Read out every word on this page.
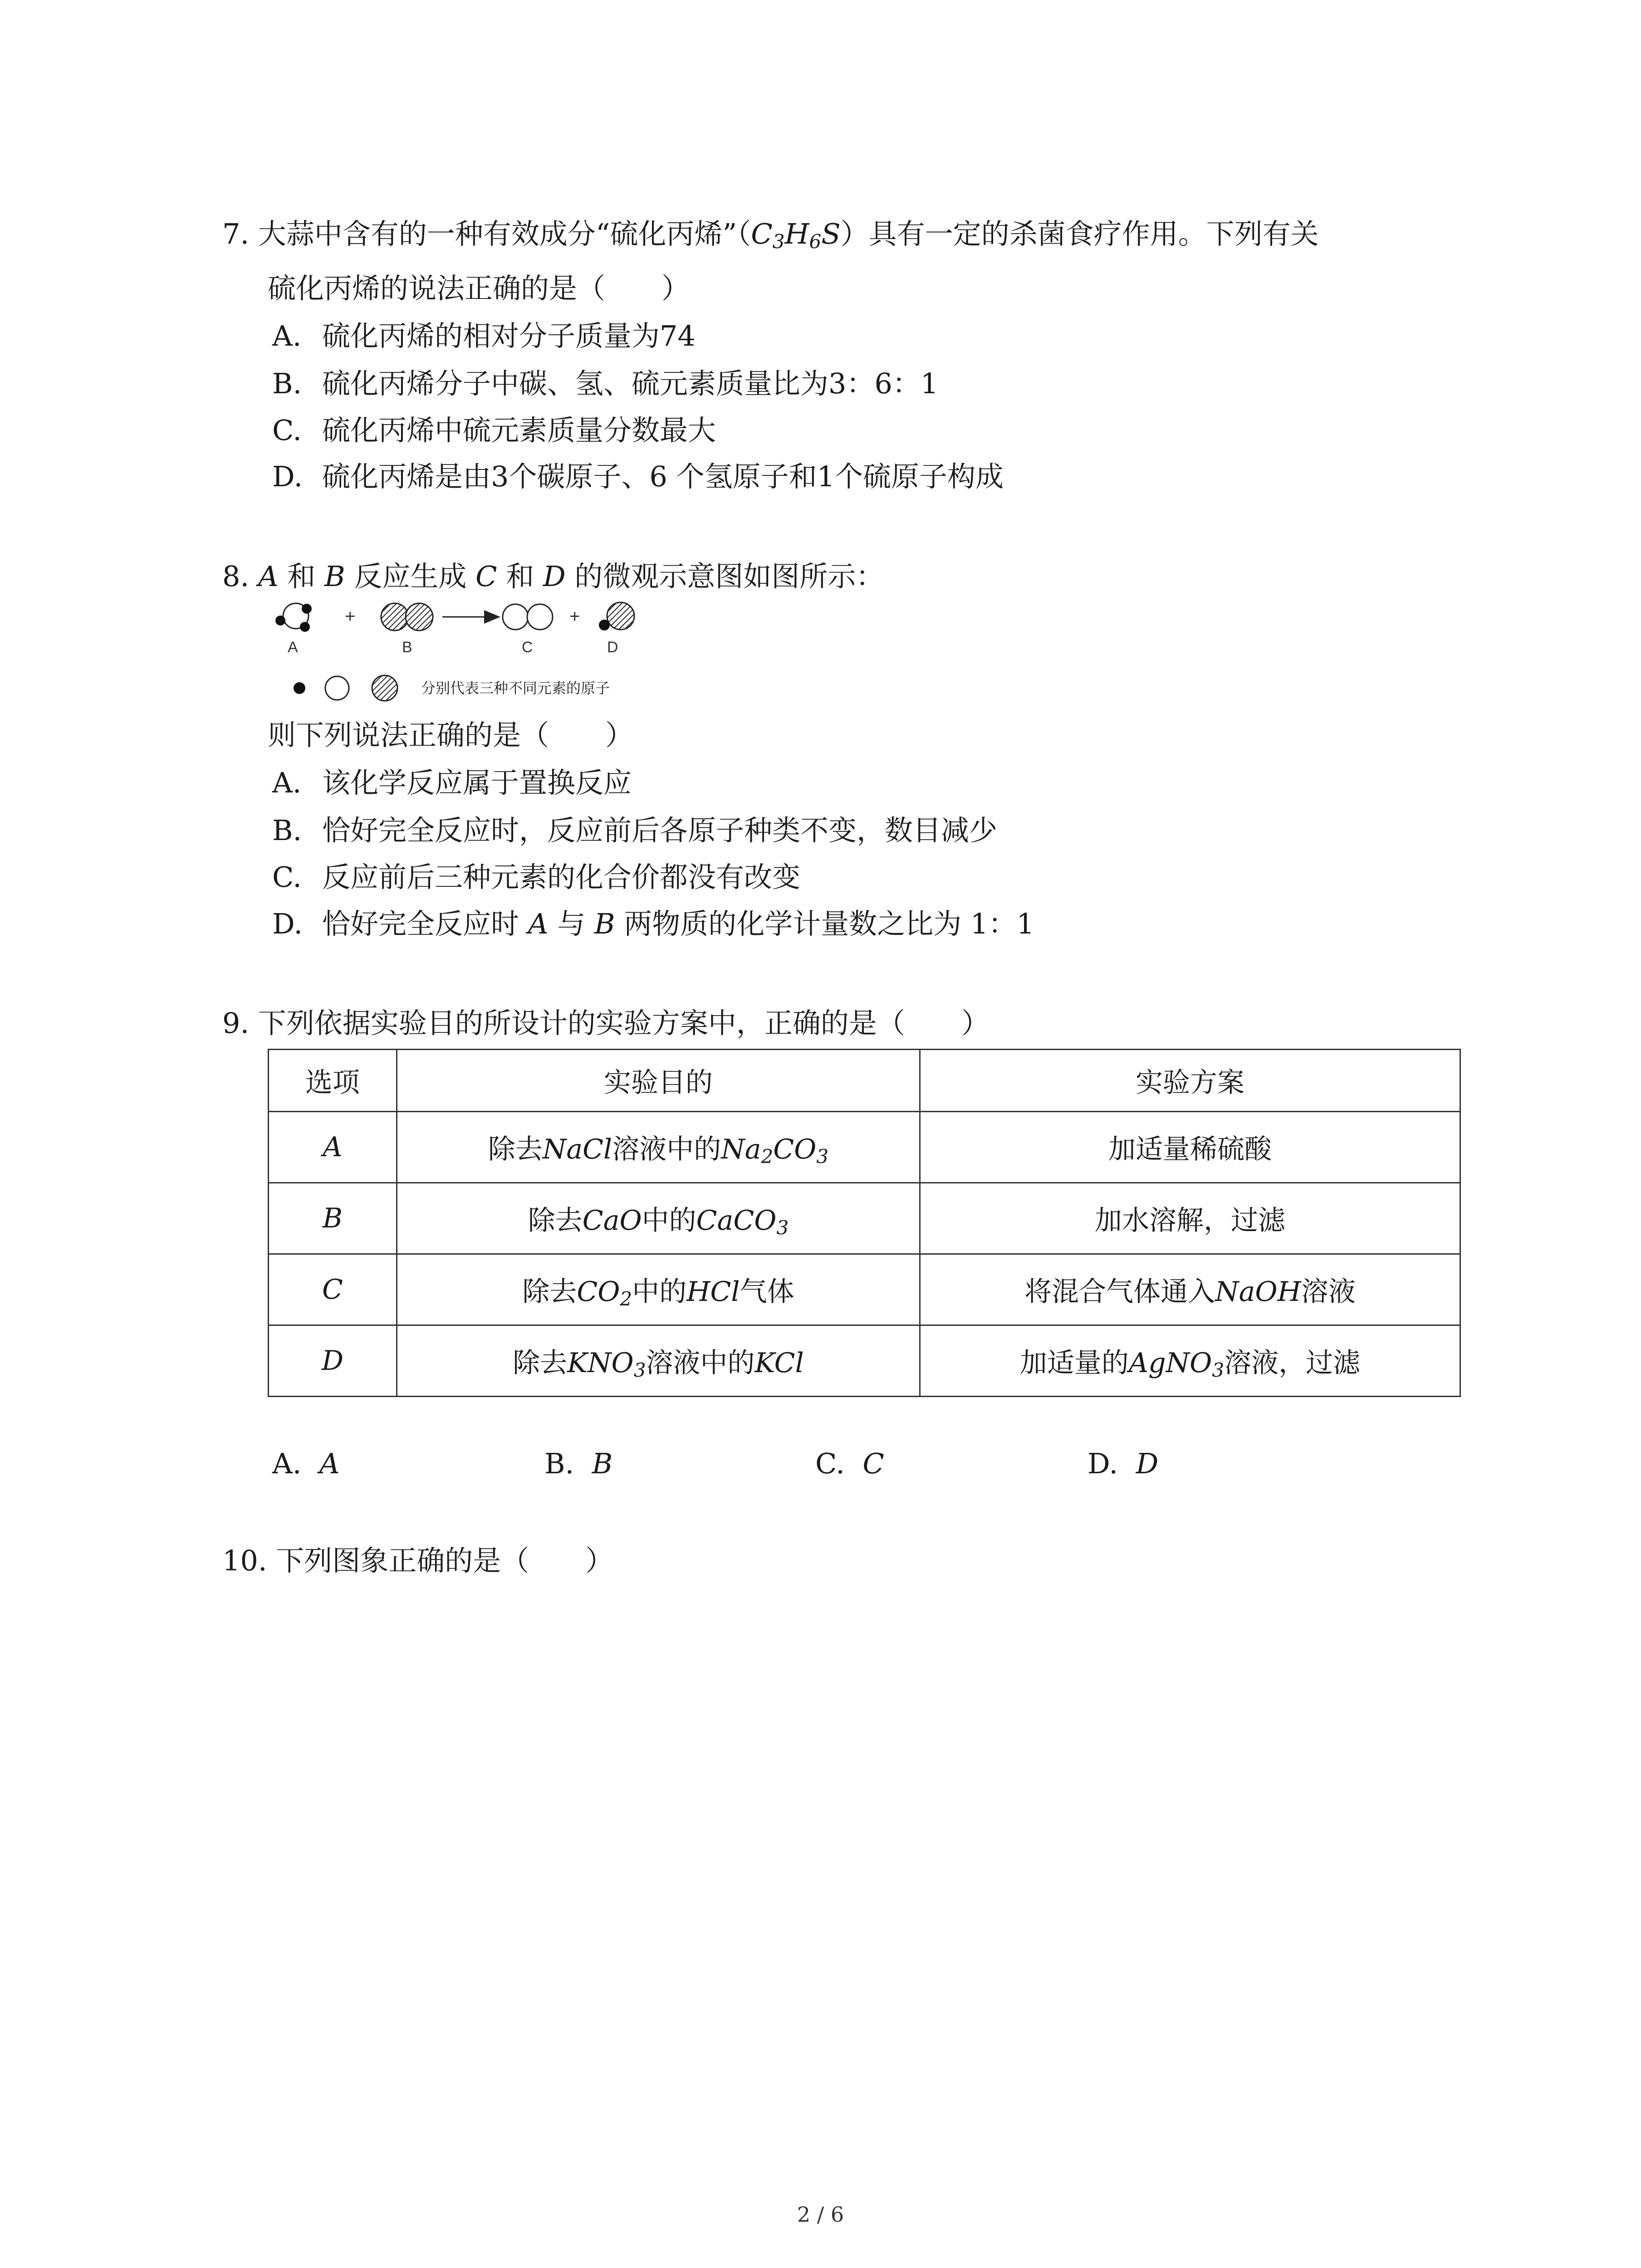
7. 大蒜中含有的一种有效成分“硫化丙烯$”(C_3H_6S)$具有一定的杀菌食疗作用。下列有关
硫化丙烯的说法正确的是（　　）
A. 硫化丙烯的相对分子质量为74
B. 硫化丙烯分子中碳、氢、硫元素质量比为3：6：1
C. 硫化丙烯中硫元素质量分数最大
D. 硫化丙烯是由3个碳原子、6 个氢原子和1个硫原子构成
8. A 和 B 反应生成 C 和 D 的微观示意图如图所示：
+	+
A	B	C	D
分别代表三种不同元素的原子
则下列说法正确的是（　　）
A. 该化学反应属于置换反应
B. 恰好完全反应时，反应前后各原子种类不变，数目减少
C. 反应前后三种元素的化合价都没有改变
D. 恰好完全反应时 A 与 B 两物质的化学计量数之比为 1：1
9. 下列依据实验目的所设计的实验方案中，正确的是（　　）
选项	实验目的	实验方案
A	除去NaCl溶液中的$Na_2CO_3$	加适量稀硫酸
B	除去CaO中的CaCO$_3$	加水溶解，过滤
C	除去$CO_2$中的HCl气体	将混合气体通入NaOH溶液
D	除去$KNO_3$溶液中的KCl	加适量的AgNO$_3$溶液，过滤
A. A	B. B	C. C	D. D
10. 下列图象正确的是（　　）
2 / 6
